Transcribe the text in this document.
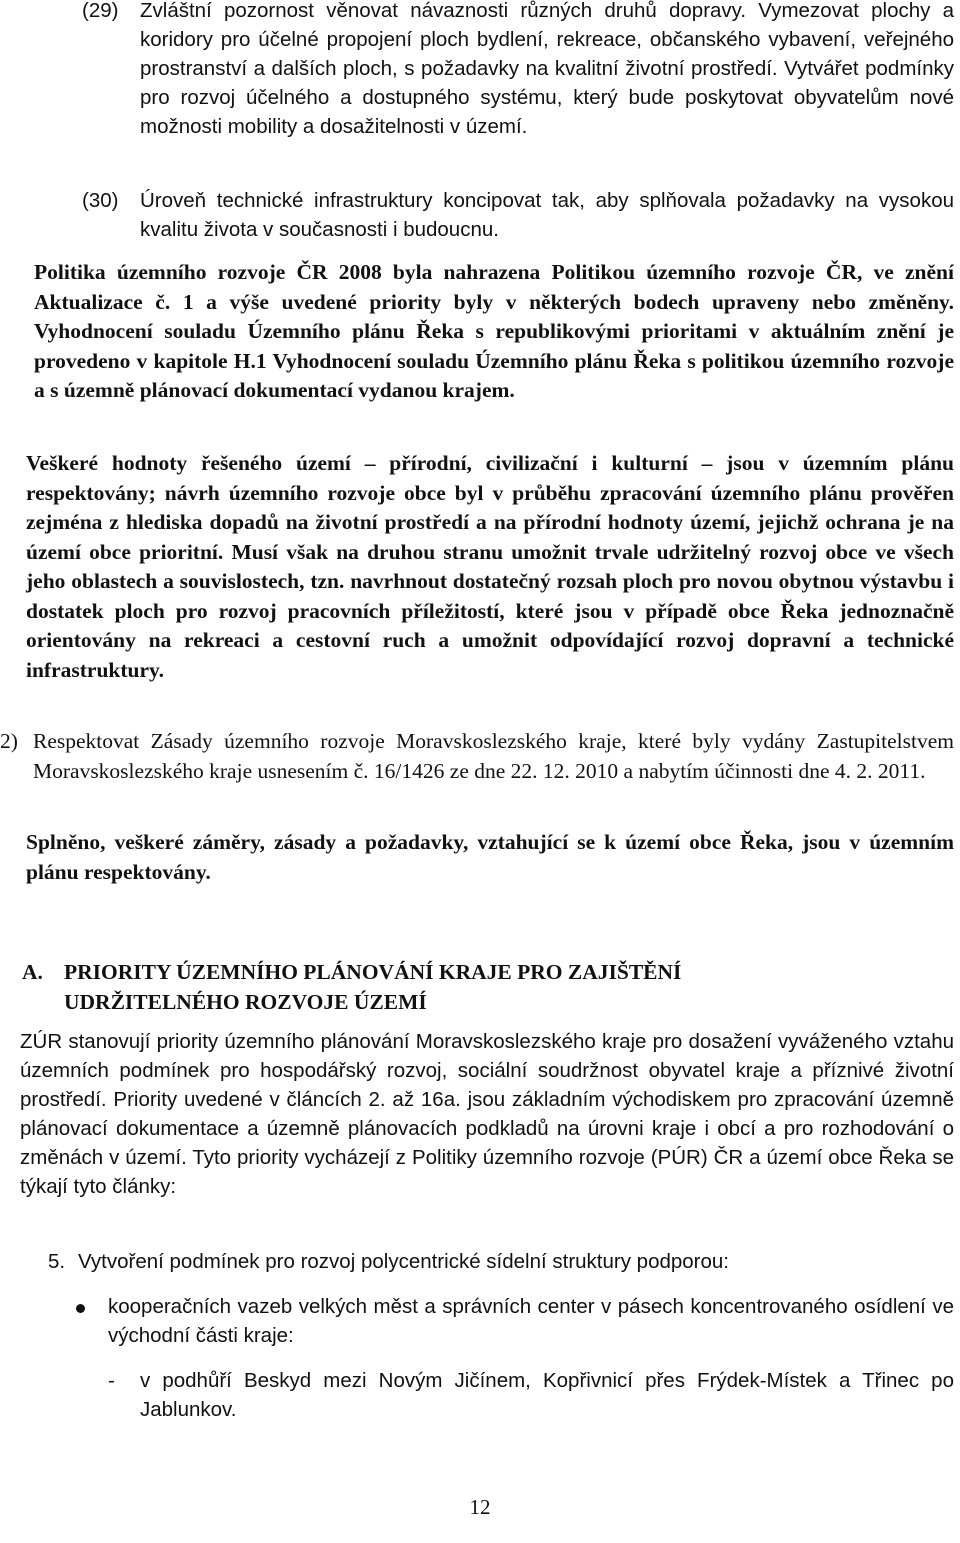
(29)	Zvláštní pozornost věnovat návaznosti různých druhů dopravy. Vymezovat plochy a koridory pro účelné propojení ploch bydlení, rekreace, občanského vybavení, veřejného prostranství a dalších ploch, s požadavky na kvalitní životní prostředí. Vytvářet podmínky pro rozvoj účelného a dostupného systému, který bude poskytovat obyvatelům nové možnosti mobility a dosažitelnosti v území.
(30)	Úroveň technické infrastruktury koncipovat tak, aby splňovala požadavky na vysokou kvalitu života v současnosti i budoucnu.

Politika územního rozvoje ČR 2008 byla nahrazena Politikou územního rozvoje ČR, ve znění Aktualizace č. 1 a výše uvedené priority byly v některých bodech upraveny nebo změněny. Vyhodnocení souladu Územního plánu Řeka s republikovými prioritami v aktuálním znění je provedeno v kapitole H.1 Vyhodnocení souladu Územního plánu Řeka s politikou územního rozvoje a s územně plánovací dokumentací vydanou krajem.

Veškeré hodnoty řešeného území – přírodní, civilizační i kulturní – jsou v územním plánu respektovány; návrh územního rozvoje obce byl v průběhu zpracování územního plánu prověřen zejména z hlediska dopadů na životní prostředí a na přírodní hodnoty území, jejichž ochrana je na území obce prioritní. Musí však na druhou stranu umožnit trvale udržitelný rozvoj obce ve všech jeho oblastech a souvislostech, tzn. navrhnout dostatečný rozsah ploch pro novou obytnou výstavbu i dostatek ploch pro rozvoj pracovních příležitostí, které jsou v případě obce Řeka jednoznačně orientovány na rekreaci a cestovní ruch a umožnit odpovídající rozvoj dopravní a technické infrastruktury.

2) Respektovat Zásady územního rozvoje Moravskoslezského kraje, které byly vydány Zastupitelstvem Moravskoslezského kraje usnesením č. 16/1426 ze dne 22. 12. 2010 a nabytím účinnosti dne 4. 2. 2011.

Splněno, veškeré záměry, zásady a požadavky, vztahující se k území obce Řeka, jsou v územním plánu respektovány.

A. PRIORITY ÚZEMNÍHO PLÁNOVÁNÍ KRAJE PRO ZAJIŠTĚNÍ
UDRŽITELNÉHO ROZVOJE ÚZEMÍ

ZÚR stanovují priority územního plánování Moravskoslezského kraje pro dosažení vyváženého vztahu územních podmínek pro hospodářský rozvoj, sociální soudržnost obyvatel kraje a příznivé životní prostředí. Priority uvedené v článcích 2. až 16a. jsou základním východiskem pro zpracování územně plánovací dokumentace a územně plánovacích podkladů na úrovni kraje i obcí a pro rozhodování o změnách v území. Tyto priority vycházejí z Politiky územního rozvoje (PÚR) ČR a území obce Řeka se týkají tyto články:

5. Vytvoření podmínek pro rozvoj polycentrické sídelní struktury podporou:
kooperačních vazeb velkých měst a správních center v pásech koncentrovaného osídlení ve východní části kraje:
-	v podhůří Beskyd mezi Novým Jičínem, Kopřivnicí přes Frýdek-Místek a Třinec po Jablunkov.
12
